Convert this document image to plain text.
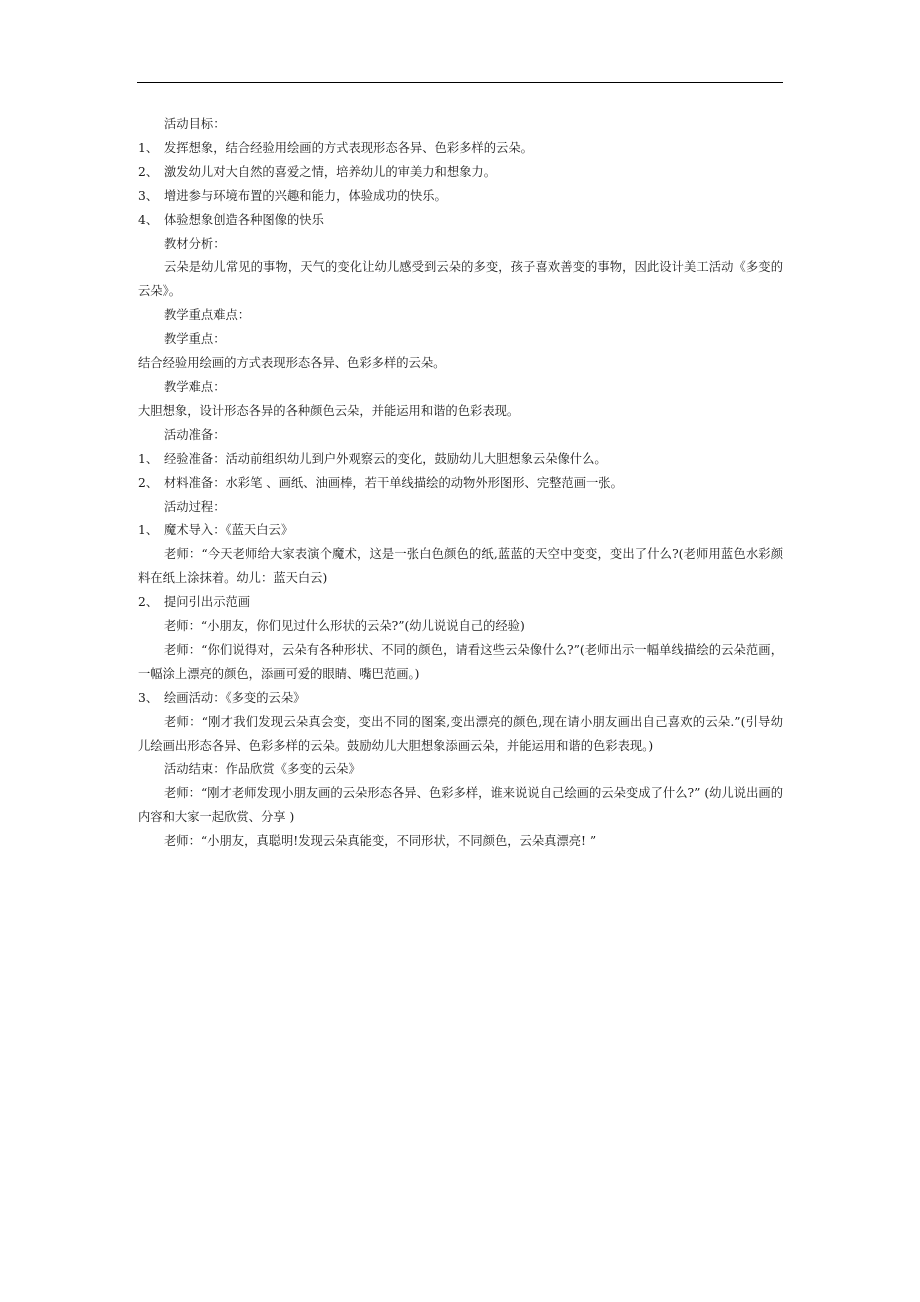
活动目标：

1、 发挥想象，结合经验用绘画的方式表现形态各异、色彩多样的云朵。

2、 激发幼儿对大自然的喜爱之情，培养幼儿的审美力和想象力。

3、 增进参与环境布置的兴趣和能力，体验成功的快乐。

4、 体验想象创造各种图像的快乐

教材分析：

云朵是幼儿常见的事物，天气的变化让幼儿感受到云朵的多变，孩子喜欢善变的事物，因此设计美工活动《多变的云朵》。

教学重点难点：

教学重点：

结合经验用绘画的方式表现形态各异、色彩多样的云朵。

教学难点：

大胆想象，设计形态各异的各种颜色云朵，并能运用和谐的色彩表现。

活动准备：

1、 经验准备：活动前组织幼儿到户外观察云的变化，鼓励幼儿大胆想象云朵像什么。

2、 材料准备：水彩笔 、画纸、油画棒，若干单线描绘的动物外形图形、完整范画一张。

活动过程：

1、 魔术导入：《蓝天白云》

老师：“今天老师给大家表演个魔术，这是一张白色颜色的纸,蓝蓝的天空中变变，变出了什么?(老师用蓝色水彩颜料在纸上涂抹着。幼儿：蓝天白云)

2、 提问引出示范画

老师：“小朋友，你们见过什么形状的云朵?”(幼儿说说自己的经验)

老师：“你们说得对，云朵有各种形状、不同的颜色，请看这些云朵像什么?”(老师出示一幅单线描绘的云朵范画，一幅涂上漂亮的颜色，添画可爱的眼睛、嘴巴范画。)

3、 绘画活动：《多变的云朵》

老师：“刚才我们发现云朵真会变，变出不同的图案,变出漂亮的颜色,现在请小朋友画出自己喜欢的云朵.”(引导幼儿绘画出形态各异、色彩多样的云朵。鼓励幼儿大胆想象添画云朵，并能运用和谐的色彩表现。)

活动结束：作品欣赏《多变的云朵》

老师：“刚才老师发现小朋友画的云朵形态各异、色彩多样，谁来说说自己绘画的云朵变成了什么?” (幼儿说出画的内容和大家一起欣赏、分享 )

老师：“小朋友，真聪明!发现云朵真能变，不同形状，不同颜色，云朵真漂亮! ”
